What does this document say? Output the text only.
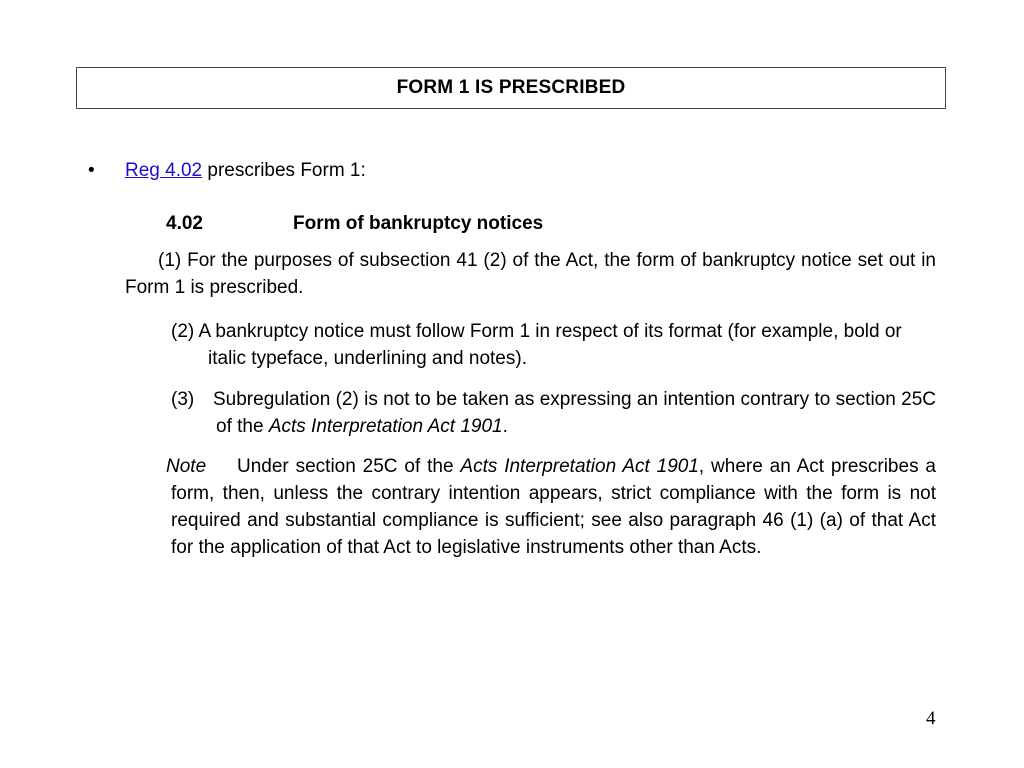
FORM 1 IS PRESCRIBED
• Reg 4.02 prescribes Form 1:
4.02	Form of bankruptcy notices

(1) For the purposes of subsection 41 (2) of the Act, the form of bankruptcy notice set out in Form 1 is prescribed.

(2) A bankruptcy notice must follow Form 1 in respect of its format (for example, bold or italic typeface, underlining and notes).

(3) Subregulation (2) is not to be taken as expressing an intention contrary to section 25C of the Acts Interpretation Act 1901.

Note Under section 25C of the Acts Interpretation Act 1901, where an Act prescribes a form, then, unless the contrary intention appears, strict compliance with the form is not required and substantial compliance is sufficient; see also paragraph 46 (1) (a) of that Act for the application of that Act to legislative instruments other than Acts.

4
